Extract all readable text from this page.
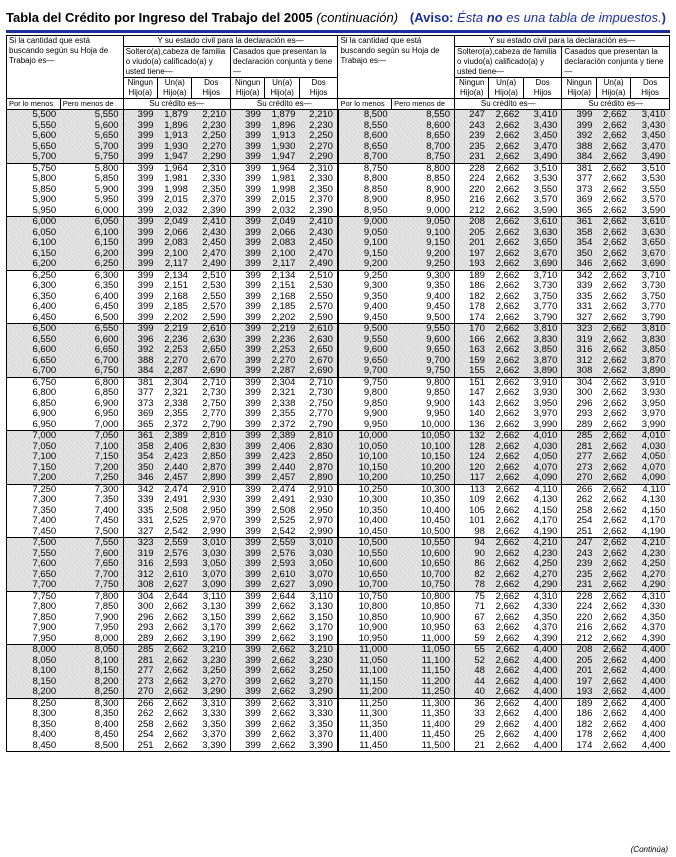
Tabla del Crédito por Ingreso del Trabajo del 2005 (continuación) (Aviso: Ésta no es una tabla de impuestos.)
Si la cantidad que está buscando según su Hoja de Trabajo es—		Y su estado civil para la declaración es—						Si la cantidad que está buscando según su Hoja de Trabajo es—		Y su estado civil para la declaración es—					
		Soltero(a),cabeza de familia o viudo(a) calificado(a) y usted tiene—			Casados que presentan la declaración conjunta y tiene—					Soltero(a),cabeza de familia o viudo(a) calificado(a) y usted tiene—			Casados que presentan la declaración conjunta y tiene—		
		Ningun Hijo(a)	Un(a) Hijo(a)	Dos Hijos	Ningun Hijo(a)	Un(a) Hijo(a)	Dos Hijos			Ningun Hijo(a)	Un(a) Hijo(a)	Dos Hijos	Ningun Hijo(a)	Un(a) Hijo(a)	Dos Hijos
Por lo menos	Pero menos de	Su crédito es—			Su crédito es—			Por lo menos	Pero menos de	Su crédito es—			Su crédito es—		
5,500	5,550	399	1,879	2,210	399	1,879	2,210	8,500	8,550	247	2,662	3,410	399	2,662	3,410
5,550	5,600	399	1,896	2,230	399	1,896	2,230	8,550	8,600	243	2,662	3,430	399	2,662	3,430
5,600	5,650	399	1,913	2,250	399	1,913	2,250	8,600	8,650	239	2,662	3,450	392	2,662	3,450
5,650	5,700	399	1,930	2,270	399	1,930	2,270	8,650	8,700	235	2,662	3,470	388	2,662	3,470
5,700	5,750	399	1,947	2,290	399	1,947	2,290	8,700	8,750	231	2,662	3,490	384	2,662	3,490
5,750	5,800	399	1,964	2,310	399	1,964	2,310	8,750	8,800	228	2,662	3,510	381	2,662	3,510
5,800	5,850	399	1,981	2,330	399	1,981	2,330	8,800	8,850	224	2,662	3,530	377	2,662	3,530
5,850	5,900	399	1,998	2,350	399	1,998	2,350	8,850	8,900	220	2,662	3,550	373	2,662	3,550
5,900	5,950	399	2,015	2,370	399	2,015	2,370	8,900	8,950	216	2,662	3,570	369	2,662	3,570
5,950	6,000	399	2,032	2,390	399	2,032	2,390	8,950	9,000	212	2,662	3,590	365	2,662	3,590
6,000	6,050	399	2,049	2,410	399	2,049	2,410	9,000	9,050	208	2,662	3,610	361	2,662	3,610
6,050	6,100	399	2,066	2,430	399	2,066	2,430	9,050	9,100	205	2,662	3,630	358	2,662	3,630
6,100	6,150	399	2,083	2,450	399	2,083	2,450	9,100	9,150	201	2,662	3,650	354	2,662	3,650
6,150	6,200	399	2,100	2,470	399	2,100	2,470	9,150	9,200	197	2,662	3,670	350	2,662	3,670
6,200	6,250	399	2,117	2,490	399	2,117	2,490	9,200	9,250	193	2,662	3,690	346	2,662	3,690
6,250	6,300	399	2,134	2,510	399	2,134	2,510	9,250	9,300	189	2,662	3,710	342	2,662	3,710
6,300	6,350	399	2,151	2,530	399	2,151	2,530	9,300	9,350	186	2,662	3,730	339	2,662	3,730
6,350	6,400	399	2,168	2,550	399	2,168	2,550	9,350	9,400	182	2,662	3,750	335	2,662	3,750
6,400	6,450	399	2,185	2,570	399	2,185	2,570	9,400	9,450	178	2,662	3,770	331	2,662	3,770
6,450	6,500	399	2,202	2,590	399	2,202	2,590	9,450	9,500	174	2,662	3,790	327	2,662	3,790
6,500	6,550	399	2,219	2,610	399	2,219	2,610	9,500	9,550	170	2,662	3,810	323	2,662	3,810
6,550	6,600	396	2,236	2,630	399	2,236	2,630	9,550	9,600	166	2,662	3,830	319	2,662	3,830
6,600	6,650	392	2,253	2,650	399	2,253	2,650	9,600	9,650	163	2,662	3,850	316	2,662	3,850
6,650	6,700	388	2,270	2,670	399	2,270	2,670	9,650	9,700	159	2,662	3,870	312	2,662	3,870
6,700	6,750	384	2,287	2,690	399	2,287	2,690	9,700	9,750	155	2,662	3,890	308	2,662	3,890
6,750	6,800	381	2,304	2,710	399	2,304	2,710	9,750	9,800	151	2,662	3,910	304	2,662	3,910
6,800	6,850	377	2,321	2,730	399	2,321	2,730	9,800	9,850	147	2,662	3,930	300	2,662	3,930
6,850	6,900	373	2,338	2,750	399	2,338	2,750	9,850	9,900	143	2,662	3,950	296	2,662	3,950
6,900	6,950	369	2,355	2,770	399	2,355	2,770	9,900	9,950	140	2,662	3,970	293	2,662	3,970
6,950	7,000	365	2,372	2,790	399	2,372	2,790	9,950	10,000	136	2,662	3,990	289	2,662	3,990
7,000	7,050	361	2,389	2,810	399	2,389	2,810	10,000	10,050	132	2,662	4,010	285	2,662	4,010
7,050	7,100	358	2,406	2,830	399	2,406	2,830	10,050	10,100	128	2,662	4,030	281	2,662	4,030
7,100	7,150	354	2,423	2,850	399	2,423	2,850	10,100	10,150	124	2,662	4,050	277	2,662	4,050
7,150	7,200	350	2,440	2,870	399	2,440	2,870	10,150	10,200	120	2,662	4,070	273	2,662	4,070
7,200	7,250	346	2,457	2,890	399	2,457	2,890	10,200	10,250	117	2,662	4,090	270	2,662	4,090
7,250	7,300	342	2,474	2,910	399	2,474	2,910	10,250	10,300	113	2,662	4,110	266	2,662	4,110
7,300	7,350	339	2,491	2,930	399	2,491	2,930	10,300	10,350	109	2,662	4,130	262	2,662	4,130
7,350	7,400	335	2,508	2,950	399	2,508	2,950	10,350	10,400	105	2,662	4,150	258	2,662	4,150
7,400	7,450	331	2,525	2,970	399	2,525	2,970	10,400	10,450	101	2,662	4,170	254	2,662	4,170
7,450	7,500	327	2,542	2,990	399	2,542	2,990	10,450	10,500	98	2,662	4,190	251	2,662	4,190
7,500	7,550	323	2,559	3,010	399	2,559	3,010	10,500	10,550	94	2,662	4,210	247	2,662	4,210
7,550	7,600	319	2,576	3,030	399	2,576	3,030	10,550	10,600	90	2,662	4,230	243	2,662	4,230
7,600	7,650	316	2,593	3,050	399	2,593	3,050	10,600	10,650	86	2,662	4,250	239	2,662	4,250
7,650	7,700	312	2,610	3,070	399	2,610	3,070	10,650	10,700	82	2,662	4,270	235	2,662	4,270
7,700	7,750	308	2,627	3,090	399	2,627	3,090	10,700	10,750	78	2,662	4,290	231	2,662	4,290
7,750	7,800	304	2,644	3,110	399	2,644	3,110	10,750	10,800	75	2,662	4,310	228	2,662	4,310
7,800	7,850	300	2,662	3,130	399	2,662	3,130	10,800	10,850	71	2,662	4,330	224	2,662	4,330
7,850	7,900	296	2,662	3,150	399	2,662	3,150	10,850	10,900	67	2,662	4,350	220	2,662	4,350
7,900	7,950	293	2,662	3,170	399	2,662	3,170	10,900	10,950	63	2,662	4,370	216	2,662	4,370
7,950	8,000	289	2,662	3,190	399	2,662	3,190	10,950	11,000	59	2,662	4,390	212	2,662	4,390
8,000	8,050	285	2,662	3,210	399	2,662	3,210	11,000	11,050	55	2,662	4,400	208	2,662	4,400
8,050	8,100	281	2,662	3,230	399	2,662	3,230	11,050	11,100	52	2,662	4,400	205	2,662	4,400
8,100	8,150	277	2,662	3,250	399	2,662	3,250	11,100	11,150	48	2,662	4,400	201	2,662	4,400
8,150	8,200	273	2,662	3,270	399	2,662	3,270	11,150	11,200	44	2,662	4,400	197	2,662	4,400
8,200	8,250	270	2,662	3,290	399	2,662	3,290	11,200	11,250	40	2,662	4,400	193	2,662	4,400
8,250	8,300	266	2,662	3,310	399	2,662	3,310	11,250	11,300	36	2,662	4,400	189	2,662	4,400
8,300	8,350	262	2,662	3,330	399	2,662	3,330	11,300	11,350	33	2,662	4,400	186	2,662	4,400
8,350	8,400	258	2,662	3,350	399	2,662	3,350	11,350	11,400	29	2,662	4,400	182	2,662	4,400
8,400	8,450	254	2,662	3,370	399	2,662	3,370	11,400	11,450	25	2,662	4,400	178	2,662	4,400
8,450	8,500	251	2,662	3,390	399	2,662	3,390	11,450	11,500	21	2,662	4,400	174	2,662	4,400
(Continúa)
